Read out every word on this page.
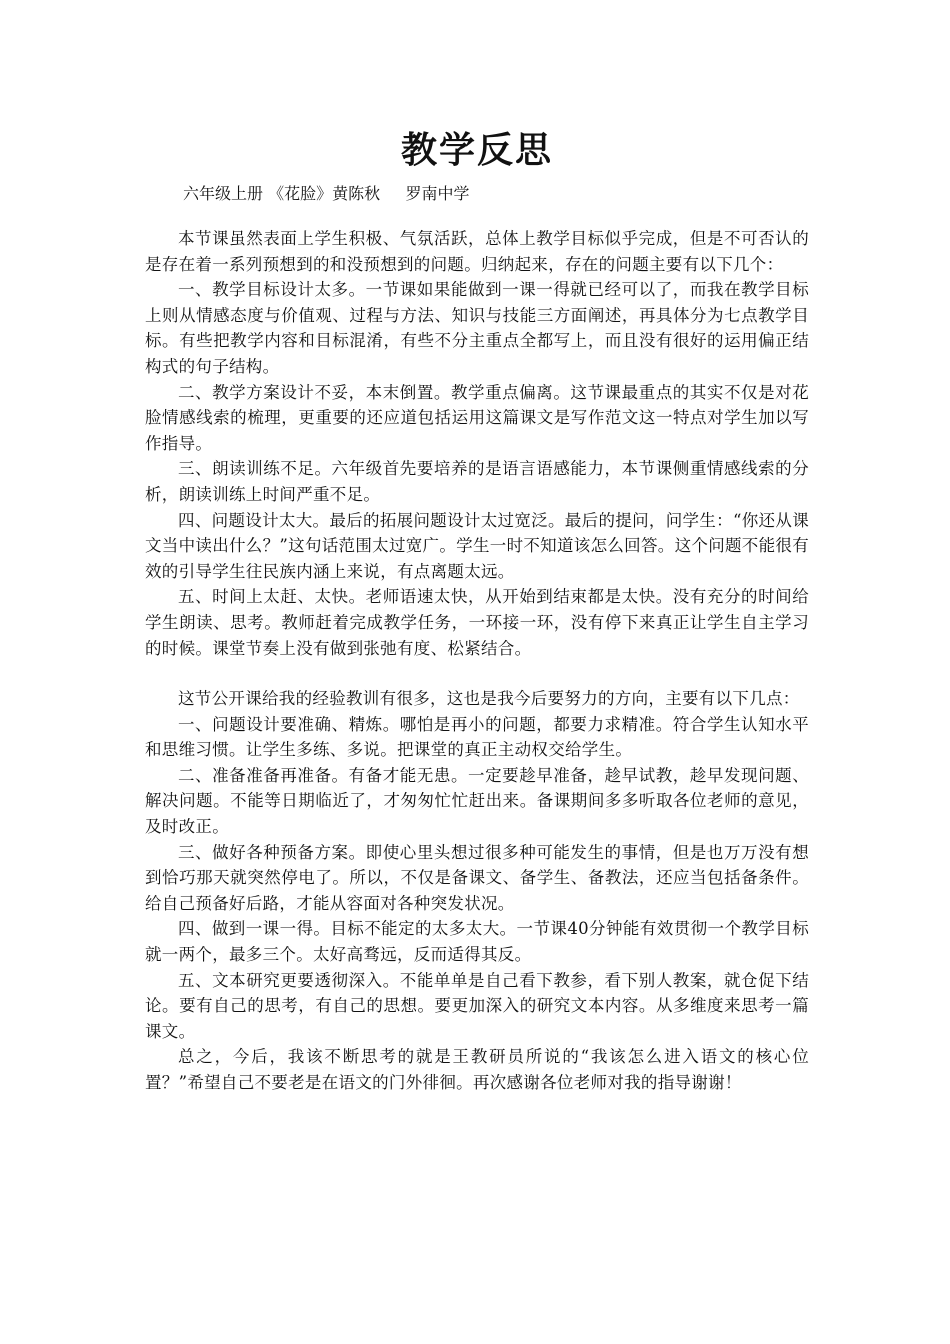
教学反思

六年级上册 《花脸》黄陈秋     罗南中学

本节课虽然表面上学生积极、气氛活跃，总体上教学目标似乎完成，但是不可否认的是存在着一系列预想到的和没预想到的问题。归纳起来，存在的问题主要有以下几个：

一、教学目标设计太多。一节课如果能做到一课一得就已经可以了，而我在教学目标上则从情感态度与价值观、过程与方法、知识与技能三方面阐述，再具体分为七点教学目标。有些把教学内容和目标混淆，有些不分主重点全都写上，而且没有很好的运用偏正结构式的句子结构。

二、教学方案设计不妥，本末倒置。教学重点偏离。这节课最重点的其实不仅是对花脸情感线索的梳理，更重要的还应道包括运用这篇课文是写作范文这一特点对学生加以写作指导。

三、朗读训练不足。六年级首先要培养的是语言语感能力，本节课侧重情感线索的分析，朗读训练上时间严重不足。

四、问题设计太大。最后的拓展问题设计太过宽泛。最后的提问，问学生：“你还从课文当中读出什么？”这句话范围太过宽广。学生一时不知道该怎么回答。这个问题不能很有效的引导学生往民族内涵上来说，有点离题太远。

五、时间上太赶、太快。老师语速太快，从开始到结束都是太快。没有充分的时间给学生朗读、思考。教师赶着完成教学任务，一环接一环，没有停下来真正让学生自主学习的时候。课堂节奏上没有做到张弛有度、松紧结合。

这节公开课给我的经验教训有很多，这也是我今后要努力的方向，主要有以下几点：

一、问题设计要准确、精炼。哪怕是再小的问题，都要力求精准。符合学生认知水平和思维习惯。让学生多练、多说。把课堂的真正主动权交给学生。

二、准备准备再准备。有备才能无患。一定要趁早准备，趁早试教，趁早发现问题、解决问题。不能等日期临近了，才匆匆忙忙赶出来。备课期间多多听取各位老师的意见，及时改正。

三、做好各种预备方案。即使心里头想过很多种可能发生的事情，但是也万万没有想到恰巧那天就突然停电了。所以，不仅是备课文、备学生、备教法，还应当包括备条件。给自己预备好后路，才能从容面对各种突发状况。

四、做到一课一得。目标不能定的太多太大。一节课40分钟能有效贯彻一个教学目标就一两个，最多三个。太好高骛远，反而适得其反。

五、文本研究更要透彻深入。不能单单是自己看下教参，看下别人教案，就仓促下结论。要有自己的思考，有自己的思想。要更加深入的研究文本内容。从多维度来思考一篇课文。

总之，今后，我该不断思考的就是王教研员所说的“我该怎么进入语文的核心位置？”希望自己不要老是在语文的门外徘徊。再次感谢各位老师对我的指导谢谢！
